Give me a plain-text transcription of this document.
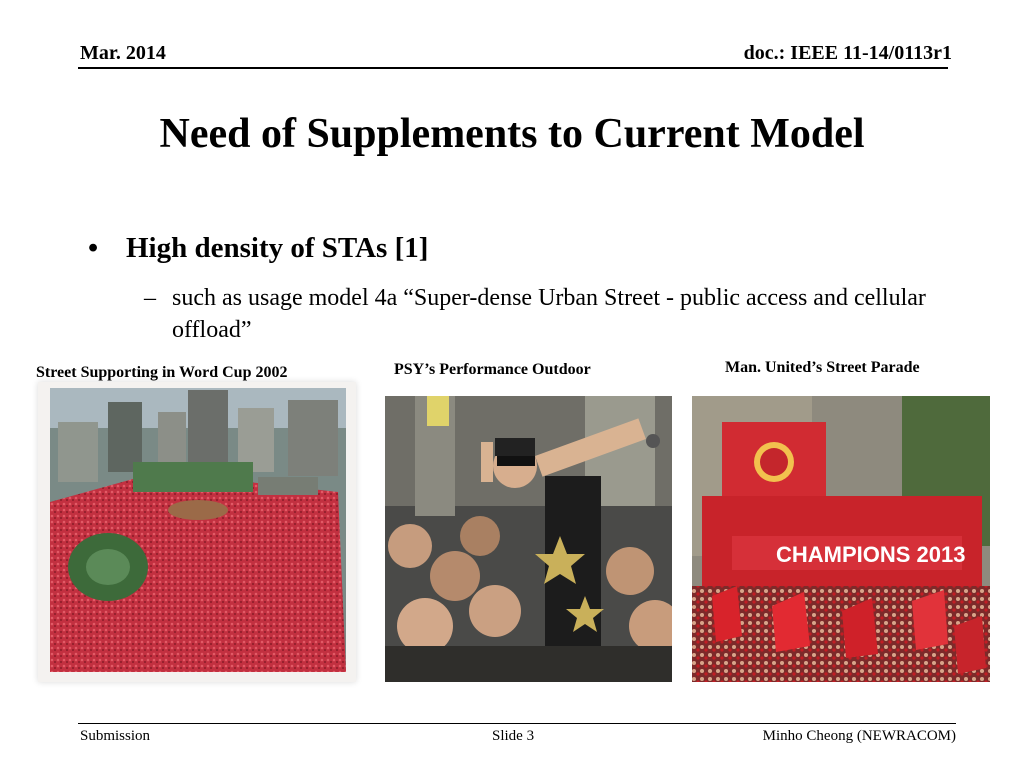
Mar. 2014	doc.: IEEE 11-14/0113r1
Need of Supplements to Current Model
• High density of STAs [1]
– such as usage model 4a “Super-dense Urban Street - public access and cellular offload”
Street Supporting in Word Cup 2002	PSY’s Performance Outdoor	Man. United’s Street Parade
CHAMPIONS 2013
Submission	Slide 3	Minho Cheong (NEWRACOM)
